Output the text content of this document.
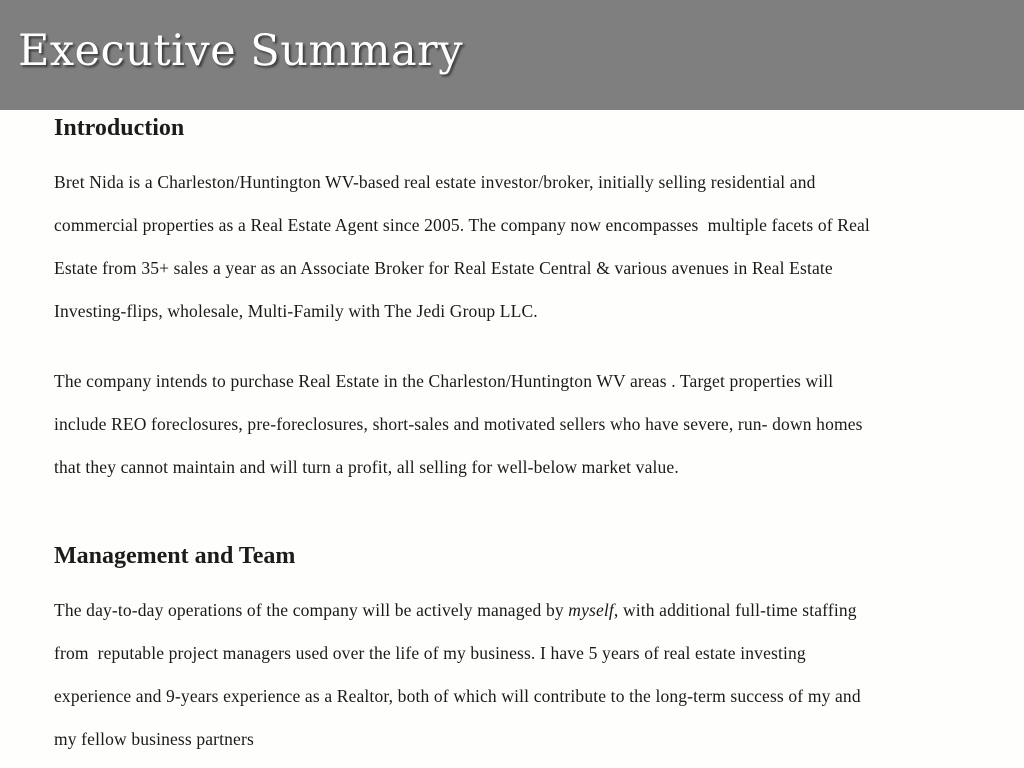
Executive Summary
Introduction
Bret Nida is a Charleston/Huntington WV-based real estate investor/broker, initially selling residential and
commercial properties as a Real Estate Agent since 2005. The company now encompasses  multiple facets of Real
Estate from 35+ sales a year as an Associate Broker for Real Estate Central & various avenues in Real Estate
Investing-flips, wholesale, Multi-Family with The Jedi Group LLC.
The company intends to purchase Real Estate in the Charleston/Huntington WV areas . Target properties will
include REO foreclosures, pre-foreclosures, short-sales and motivated sellers who have severe, run- down homes
that they cannot maintain and will turn a profit, all selling for well-below market value.
Management and Team
The day-to-day operations of the company will be actively managed by myself, with additional full-time staffing
from  reputable project managers used over the life of my business. I have 5 years of real estate investing
experience and 9-years experience as a Realtor, both of which will contribute to the long-term success of my and
my fellow business partners
